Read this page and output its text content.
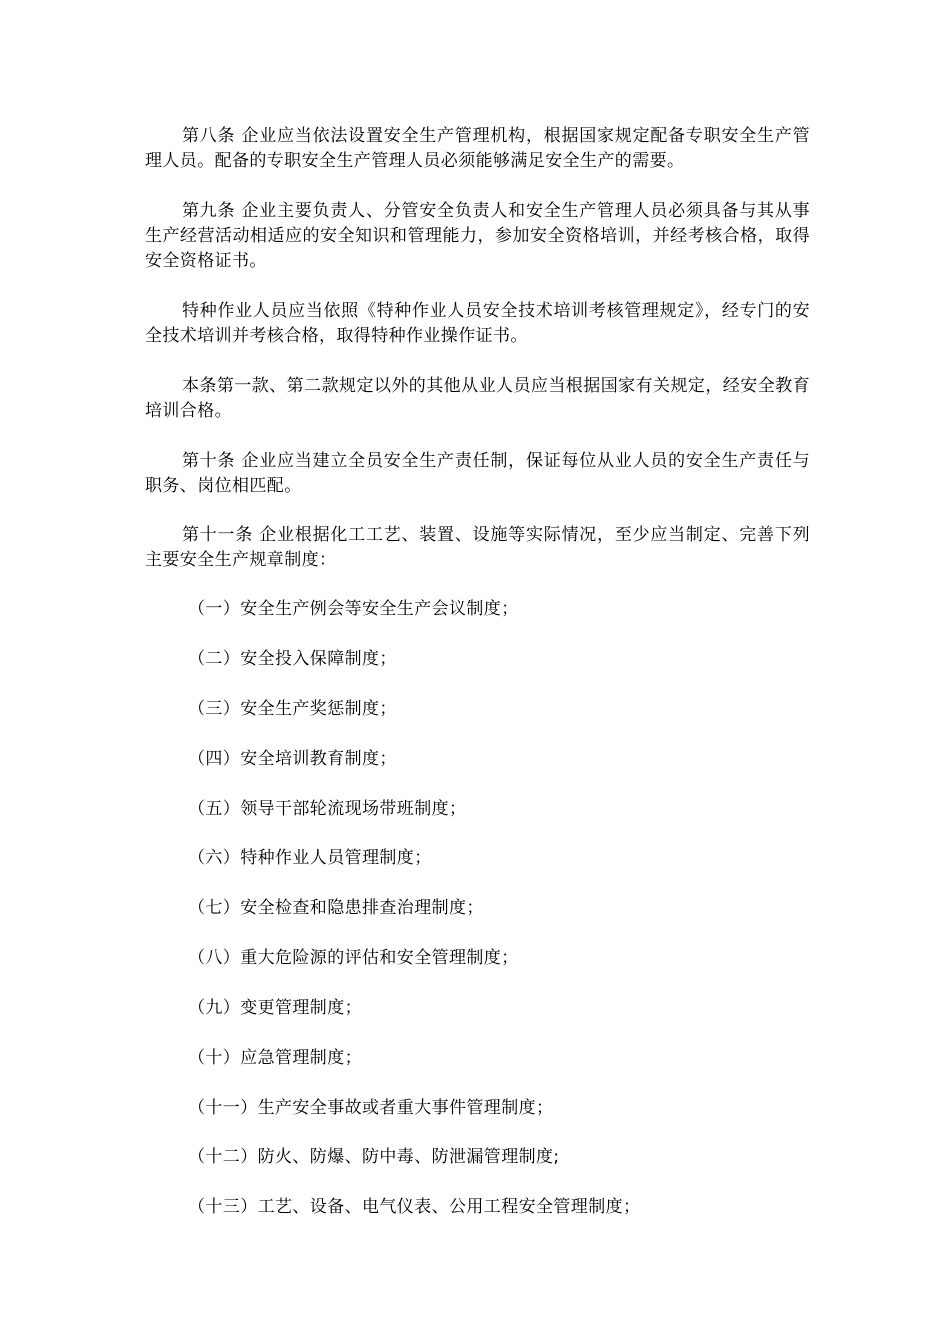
第八条 企业应当依法设置安全生产管理机构，根据国家规定配备专职安全生产管理人员。配备的专职安全生产管理人员必须能够满足安全生产的需要。

第九条 企业主要负责人、分管安全负责人和安全生产管理人员必须具备与其从事生产经营活动相适应的安全知识和管理能力，参加安全资格培训，并经考核合格，取得安全资格证书。

特种作业人员应当依照《特种作业人员安全技术培训考核管理规定》，经专门的安全技术培训并考核合格，取得特种作业操作证书。

本条第一款、第二款规定以外的其他从业人员应当根据国家有关规定，经安全教育培训合格。

第十条 企业应当建立全员安全生产责任制，保证每位从业人员的安全生产责任与职务、岗位相匹配。

第十一条 企业根据化工工艺、装置、设施等实际情况，至少应当制定、完善下列主要安全生产规章制度：

（一）安全生产例会等安全生产会议制度；
（二）安全投入保障制度；
（三）安全生产奖惩制度；
（四）安全培训教育制度；
（五）领导干部轮流现场带班制度；
（六）特种作业人员管理制度；
（七）安全检查和隐患排查治理制度；
（八）重大危险源的评估和安全管理制度；
（九）变更管理制度；
（十）应急管理制度；
（十一）生产安全事故或者重大事件管理制度；
（十二）防火、防爆、防中毒、防泄漏管理制度;
（十三）工艺、设备、电气仪表、公用工程安全管理制度；
